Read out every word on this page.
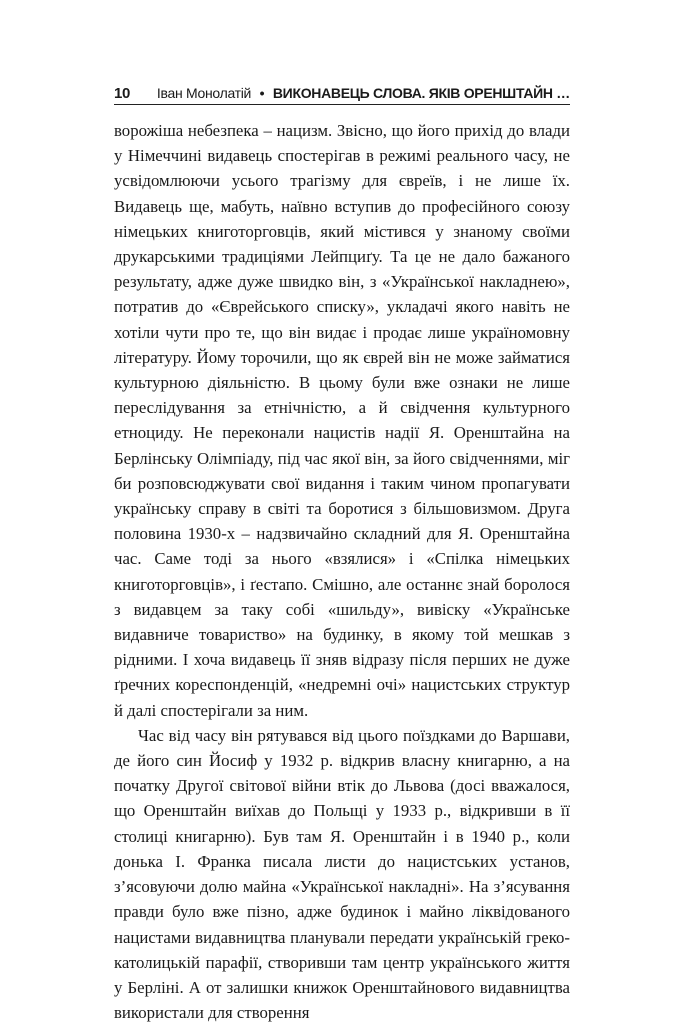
10 Іван Монолатій • ВИКОНАВЕЦЬ СЛОВА. ЯКІВ ОРЕНШТАЙН …

ворожіша небезпека – нацизм. Звісно, що його прихід до влади у Німеччині видавець спостерігав в режимі реального часу, не усвідомлюючи усього трагізму для євреїв, і не лише їх. Видавець ще, мабуть, наївно вступив до професійного союзу німецьких книготорговців, який містився у знаному своїми друкарськими традиціями Лейпциґу. Та це не дало бажаного результату, адже дуже швидко він, з «Української накладнею», потратив до «Єврейського списку», укладачі якого навіть не хотіли чути про те, що він видає і продає лише україномовну літературу. Йому торочили, що як єврей він не може займатися культурною діяльністю. В цьому були вже ознаки не лише переслідування за етнічністю, а й свідчення культурного етноциду. Не переконали нацистів надії Я. Оренштайна на Берлінську Олімпіаду, під час якої він, за його свідченнями, міг би розповсюджувати свої видання і таким чином пропагувати українську справу в світі та боротися з більшовизмом. Друга половина 1930-х – надзвичайно складний для Я. Оренштайна час. Саме тоді за нього «взялися» і «Спілка німецьких книготорговців», і ґестапо. Смішно, але останнє знай боролося з видавцем за таку собі «шильду», вивіску «Українське видавниче товариство» на будинку, в якому той мешкав з рідними. І хоча видавець її зняв відразу після перших не дуже ґречних кореспонденцій, «недремні очі» нацистських структур й далі спостерігали за ним.

Час від часу він рятувався від цього поїздками до Варшави, де його син Йосиф у 1932 р. відкрив власну книгарню, а на початку Другої світової війни втік до Львова (досі вважалося, що Оренштайн виїхав до Польщі у 1933 р., відкривши в її столиці книгарню). Був там Я. Оренштайн і в 1940 р., коли донька І. Франка писала листи до нацистських установ, з’ясовуючи долю майна «Української накладні». На з’ясування правди було вже пізно, адже будинок і майно ліквідованого нацистами видавництва планували передати українській греко-католицькій парафії, створивши там центр українського життя у Берліні. А от залишки книжок Оренштайнового видавництва використали для створення
